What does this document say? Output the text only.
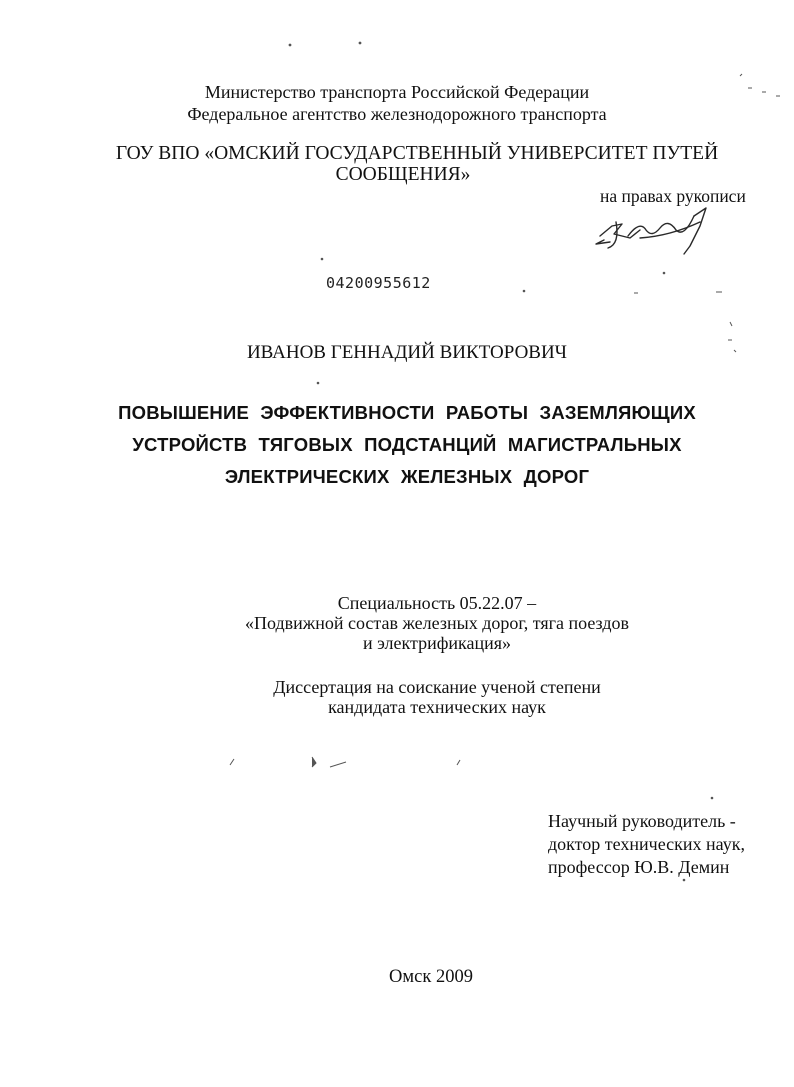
Министерство транспорта Российской Федерации
Федеральное агентство железнодорожного транспорта
ГОУ ВПО «ОМСКИЙ ГОСУДАРСТВЕННЫЙ УНИВЕРСИТЕТ ПУТЕЙ
СООБЩЕНИЯ»
на правах рукописи
04200955612
ИВАНОВ ГЕННАДИЙ ВИКТОРОВИЧ
ПОВЫШЕНИЕ ЭФФЕКТИВНОСТИ РАБОТЫ ЗАЗЕМЛЯЮЩИХ
УСТРОЙСТВ ТЯГОВЫХ ПОДСТАНЦИЙ МАГИСТРАЛЬНЫХ
ЭЛЕКТРИЧЕСКИХ ЖЕЛЕЗНЫХ ДОРОГ
Специальность 05.22.07 –
«Подвижной состав железных дорог, тяга поездов
и электрификация»
Диссертация на соискание ученой степени
кандидата технических наук
Научный руководитель -
доктор технических наук,
профессор Ю.В. Демин
Омск 2009
